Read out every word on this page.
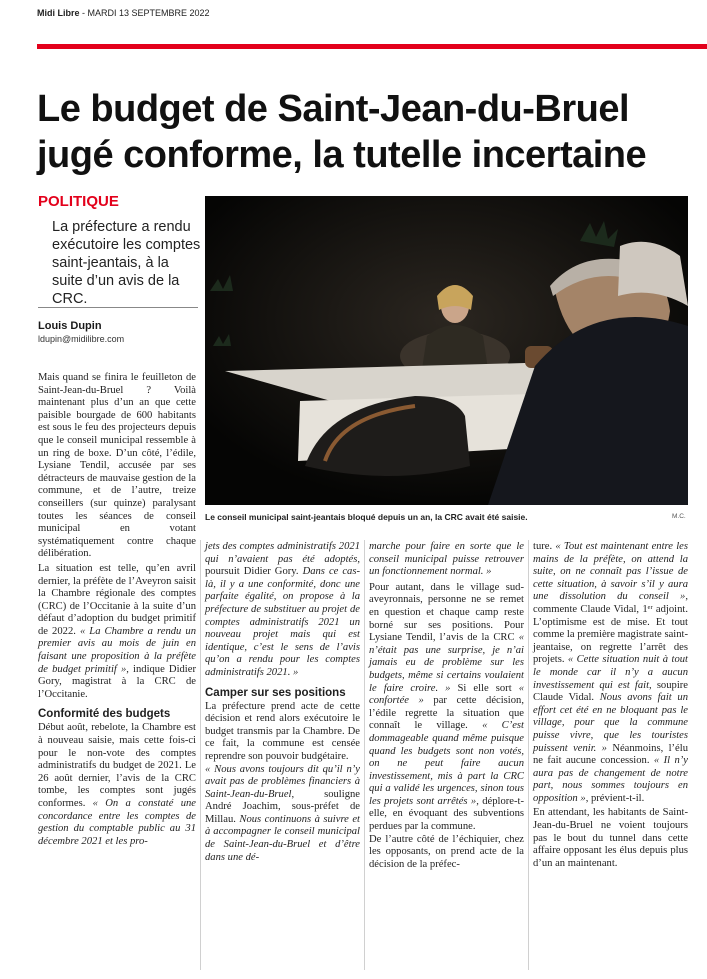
Midi Libre - MARDI 13 SEPTEMBRE 2022
Le budget de Saint-Jean-du-Bruel
jugé conforme, la tutelle incertaine
POLITIQUE
La préfecture a rendu exécutoire les comptes saint-jeantais, à la suite d’un avis de la CRC.
Louis Dupin
ldupin@midilibre.com
Le conseil municipal saint-jeantais bloqué depuis un an, la CRC avait été saisie.	M.C.

Mais quand se finira le feuilleton de Saint-Jean-du-Bruel ? Voilà maintenant plus d’un an que cette paisible bourgade de 600 habitants est sous le feu des projecteurs depuis que le conseil municipal ressemble à un ring de boxe. D’un côté, l’édile, Lysiane Tendil, accusée par ses détracteurs de mauvaise gestion de la commune, et de l’autre, treize conseillers (sur quinze) paralysant toutes les séances de conseil municipal en votant systématiquement contre chaque délibération.

La situation est telle, qu’en avril dernier, la préfète de l’Aveyron saisit la Chambre régionale des comptes (CRC) de l’Occitanie à la suite d’un défaut d’adoption du budget primitif de 2022. « La Chambre a rendu un premier avis au mois de juin en faisant une proposition à la préfète de budget primitif », indique Didier Gory, magistrat à la CRC de l’Occitanie.

Conformité des budgets

Début août, rebelote, la Chambre est à nouveau saisie, mais cette fois-ci pour le non-vote des comptes administratifs du budget de 2021. Le 26 août dernier, l’avis de la CRC tombe, les comptes sont jugés conformes. « On a constaté une concordance entre les comptes de gestion du comptable public au 31 décembre 2021 et les pro-

jets des comptes administratifs 2021 qui n’avaient pas été adoptés, poursuit Didier Gory. Dans ce cas-là, il y a une conformité, donc une parfaite égalité, on propose à la préfecture de substituer au projet de comptes administratifs 2021 un nouveau projet mais qui est identique, c’est le sens de l’avis qu’on a rendu pour les comptes administratifs 2021. »

Camper sur ses positions

La préfecture prend acte de cette décision et rend alors exécutoire le budget transmis par la Chambre. De ce fait, la commune est censée reprendre son pouvoir budgétaire.

« Nous avons toujours dit qu’il n’y avait pas de problèmes financiers à Saint-Jean-du-Bruel, souligne André Joachim, sous-préfet de Millau. Nous continuons à suivre et à accompagner le conseil municipal de Saint-Jean-du-Bruel et d’être dans une dé-

marche pour faire en sorte que le conseil municipal puisse retrouver un fonctionnement normal. »

Pour autant, dans le village sud-aveyronnais, personne ne se remet en question et chaque camp reste borné sur ses positions. Pour Lysiane Tendil, l’avis de la CRC « n’était pas une surprise, je n’ai jamais eu de problème sur les budgets, même si certains voulaient le faire croire. » Si elle sort « confortée » par cette décision, l’édile regrette la situation que connaît le village. « C’est dommageable quand même puisque quand les budgets sont non votés, on ne peut faire aucun investissement, mis à part la CRC qui a validé les urgences, sinon tous les projets sont arrêtés », déplore-t-elle, en évoquant des subventions perdues par la commune.

De l’autre côté de l’échiquier, chez les opposants, on prend acte de la décision de la préfec-

ture. « Tout est maintenant entre les mains de la préfète, on attend la suite, on ne connaît pas l’issue de cette situation, à savoir s’il y aura une dissolution du conseil », commente Claude Vidal, 1ᵉʳ adjoint. L’optimisme est de mise. Et tout comme la première magistrate saint-jeantaise, on regrette l’arrêt des projets. « Cette situation nuit à tout le monde car il n’y a aucun investissement qui est fait, soupire Claude Vidal. Nous avons fait un effort cet été en ne bloquant pas le village, pour que la commune puisse vivre, que les touristes puissent venir. » Néanmoins, l’élu ne fait aucune concession. « Il n’y aura pas de changement de notre part, nous sommes toujours en opposition », prévient-t-il.

En attendant, les habitants de Saint-Jean-du-Bruel ne voient toujours pas le bout du tunnel dans cette affaire opposant les élus depuis plus d’un an maintenant.
